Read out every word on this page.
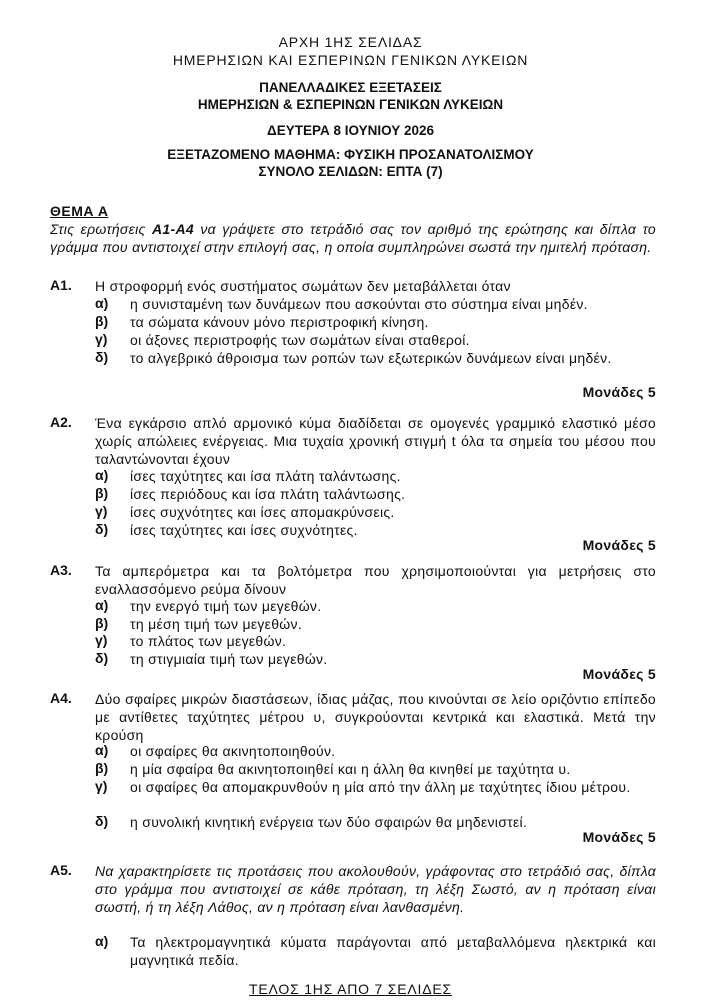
ΑΡΧΗ 1ΗΣ ΣΕΛΙΔΑΣ
ΗΜΕΡΗΣΙΩΝ ΚΑΙ ΕΣΠΕΡΙΝΩΝ ΓΕΝΙΚΩΝ ΛΥΚΕΙΩΝ
ΠΑΝΕΛΛΑΔΙΚΕΣ ΕΞΕΤΑΣΕΙΣ
ΗΜΕΡΗΣΙΩΝ & ΕΣΠΕΡΙΝΩΝ ΓΕΝΙΚΩΝ ΛΥΚΕΙΩΝ
ΔΕΥΤΕΡΑ 8 ΙΟΥΝΙΟΥ 2026
ΕΞΕΤΑΖΟΜΕΝΟ ΜΑΘΗΜΑ: ΦΥΣΙΚΗ ΠΡΟΣΑΝΑΤΟΛΙΣΜΟΥ
ΣΥΝΟΛΟ ΣΕΛΙΔΩΝ: ΕΠΤΑ (7)
ΘΕΜΑ Α
Στις ερωτήσεις Α1-Α4 να γράψετε στο τετράδιό σας τον αριθμό της ερώτησης και δίπλα το γράμμα που αντιστοιχεί στην επιλογή σας, η οποία συμπληρώνει σωστά την ημιτελή πρόταση.
Α1. Η στροφορμή ενός συστήματος σωμάτων δεν μεταβάλλεται όταν
α) η συνισταμένη των δυνάμεων που ασκούνται στο σύστημα είναι μηδέν.
β) τα σώματα κάνουν μόνο περιστροφική κίνηση.
γ) οι άξονες περιστροφής των σωμάτων είναι σταθεροί.
δ) το αλγεβρικό άθροισμα των ροπών των εξωτερικών δυνάμεων είναι μηδέν.
Μονάδες 5
Α2. Ένα εγκάρσιο απλό αρμονικό κύμα διαδίδεται σε ομογενές γραμμικό ελαστικό μέσο χωρίς απώλειες ενέργειας. Μια τυχαία χρονική στιγμή t όλα τα σημεία του μέσου που ταλαντώνονται έχουν
α) ίσες ταχύτητες και ίσα πλάτη ταλάντωσης.
β) ίσες περιόδους και ίσα πλάτη ταλάντωσης.
γ) ίσες συχνότητες και ίσες απομακρύνσεις.
δ) ίσες ταχύτητες και ίσες συχνότητες.
Μονάδες 5
Α3. Τα αμπερόμετρα και τα βολτόμετρα που χρησιμοποιούνται για μετρήσεις στο εναλλασσόμενο ρεύμα δίνουν
α) την ενεργό τιμή των μεγεθών.
β) τη μέση τιμή των μεγεθών.
γ) το πλάτος των μεγεθών.
δ) τη στιγμιαία τιμή των μεγεθών.
Μονάδες 5
Α4. Δύο σφαίρες μικρών διαστάσεων, ίδιας μάζας, που κινούνται σε λείο οριζόντιο επίπεδο με αντίθετες ταχύτητες μέτρου υ, συγκρούονται κεντρικά και ελαστικά. Μετά την κρούση
α) οι σφαίρες θα ακινητοποιηθούν.
β) η μία σφαίρα θα ακινητοποιηθεί και η άλλη θα κινηθεί με ταχύτητα υ.
γ) οι σφαίρες θα απομακρυνθούν η μία από την άλλη με ταχύτητες ίδιου μέτρου.
δ) η συνολική κινητική ενέργεια των δύο σφαιρών θα μηδενιστεί.
Μονάδες 5
Α5. Να χαρακτηρίσετε τις προτάσεις που ακολουθούν, γράφοντας στο τετράδιό σας, δίπλα στο γράμμα που αντιστοιχεί σε κάθε πρόταση, τη λέξη Σωστό, αν η πρόταση είναι σωστή, ή τη λέξη Λάθος, αν η πρόταση είναι λανθασμένη.
α) Τα ηλεκτρομαγνητικά κύματα παράγονται από μεταβαλλόμενα ηλεκτρικά και μαγνητικά πεδία.
ΤΕΛΟΣ 1ΗΣ ΑΠΟ 7 ΣΕΛΙΔΕΣ
